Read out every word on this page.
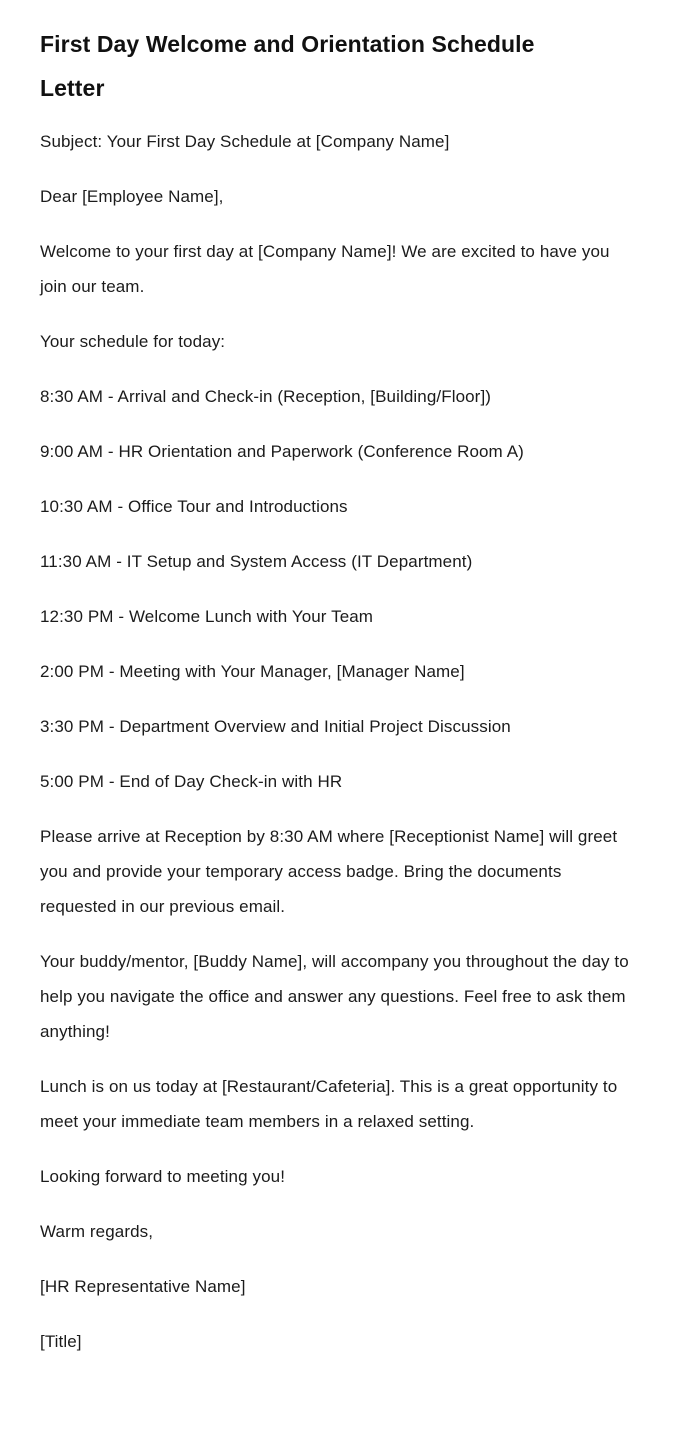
First Day Welcome and Orientation Schedule Letter

Subject: Your First Day Schedule at [Company Name]

Dear [Employee Name],

Welcome to your first day at [Company Name]! We are excited to have you join our team.

Your schedule for today:

8:30 AM - Arrival and Check-in (Reception, [Building/Floor])

9:00 AM - HR Orientation and Paperwork (Conference Room A)

10:30 AM - Office Tour and Introductions

11:30 AM - IT Setup and System Access (IT Department)

12:30 PM - Welcome Lunch with Your Team

2:00 PM - Meeting with Your Manager, [Manager Name]

3:30 PM - Department Overview and Initial Project Discussion

5:00 PM - End of Day Check-in with HR

Please arrive at Reception by 8:30 AM where [Receptionist Name] will greet you and provide your temporary access badge. Bring the documents requested in our previous email.

Your buddy/mentor, [Buddy Name], will accompany you throughout the day to help you navigate the office and answer any questions. Feel free to ask them anything!

Lunch is on us today at [Restaurant/Cafeteria]. This is a great opportunity to meet your immediate team members in a relaxed setting.

Looking forward to meeting you!

Warm regards,

[HR Representative Name]

[Title]
